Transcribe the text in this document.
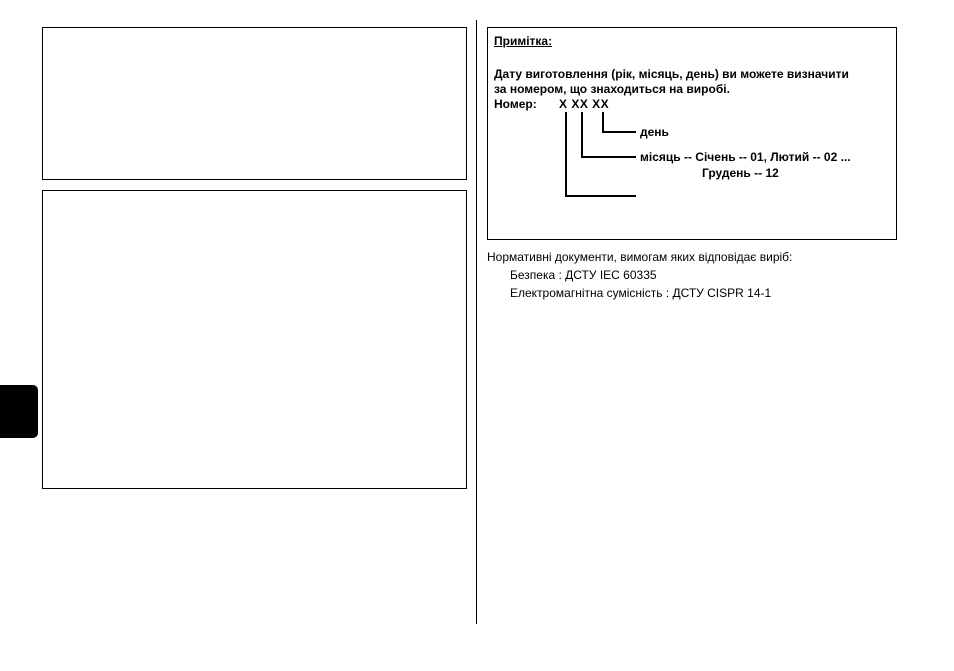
Примітка:
Дату виготовлення (рік, місяць, день) ви можете визначити
за номером, що знаходиться на виробі.
Номер: X XX XX
день
місяць -- Січень -- 01, Лютий -- 02 ...
Грудень -- 12
Нормативні документи, вимогам яких відповідає виріб:
Безпека : ДСТУ IEC 60335
Електромагнітна сумісність : ДСТУ CISPR 14-1
